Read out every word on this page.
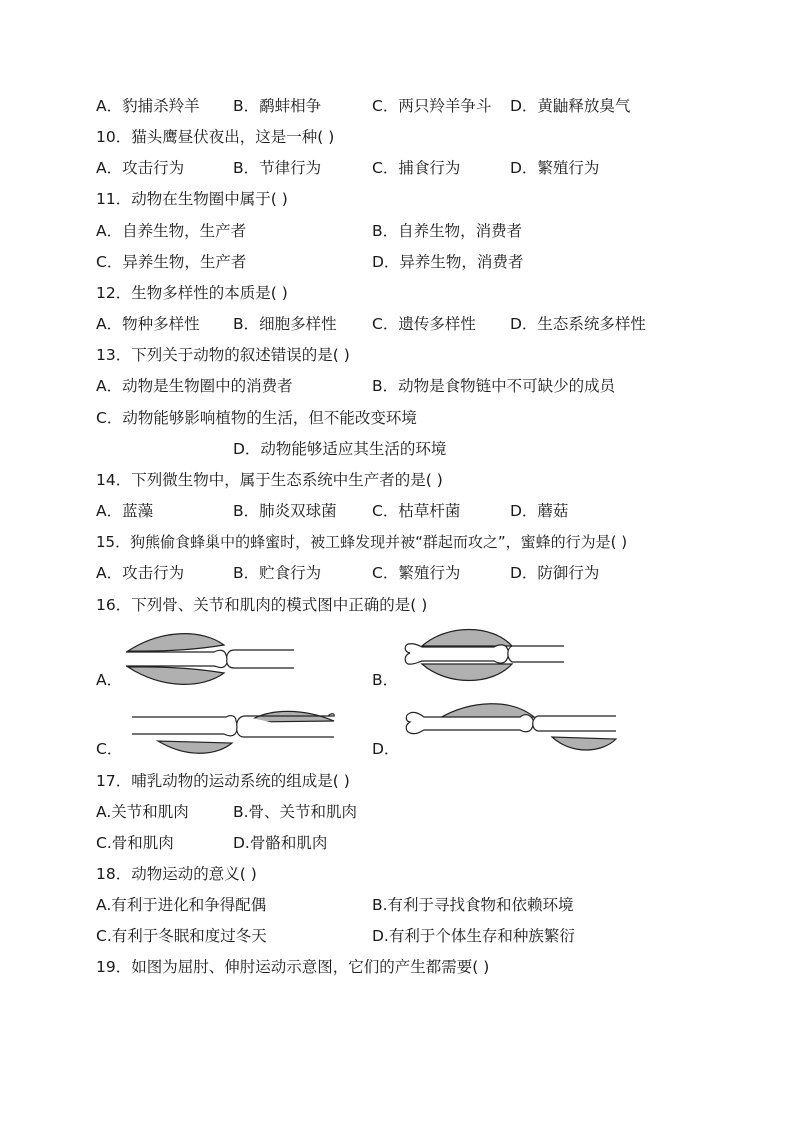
A．豹捕杀羚羊 B．鹬蚌相争	C．两只羚羊争斗 D．黄鼬释放臭气
10．猫头鹰昼伏夜出，这是一种( )
A．攻击行为	B．节律行为	C．捕食行为	D．繁殖行为
11．动物在生物圈中属于( )
A．自养生物，生产者	B．自养生物，消费者
C．异养生物，生产者	D．异养生物，消费者
12．生物多样性的本质是( )
A．物种多样性 B．细胞多样性 C．遗传多样性 D．生态系统多样性
13．下列关于动物的叙述错误的是( )
A．动物是生物圈中的消费者	B．动物是食物链中不可缺少的成员
C．动物能够影响植物的生活，但不能改变环境
D．动物能够适应其生活的环境
14．下列微生物中，属于生态系统中生产者的是( )
A．蓝藻	B．肺炎双球菌 C．枯草杆菌	D．蘑菇
15．狗熊偷食蜂巢中的蜂蜜时，被工蜂发现并被“群起而攻之”，蜜蜂的行为是( )
A．攻击行为	B．贮食行为	C．繁殖行为	D．防御行为
16．下列骨、关节和肌肉的模式图中正确的是( )
A．	B．
C．	D．
17．哺乳动物的运动系统的组成是( )
A.关节和肌肉	B.骨、关节和肌肉
C.骨和肌肉	D.骨骼和肌肉
18．动物运动的意义( )
A.有利于进化和争得配偶	B.有利于寻找食物和依赖环境
C.有利于冬眠和度过冬天	D.有利于个体生存和种族繁衍
19．如图为屈肘、伸肘运动示意图，它们的产生都需要( )
